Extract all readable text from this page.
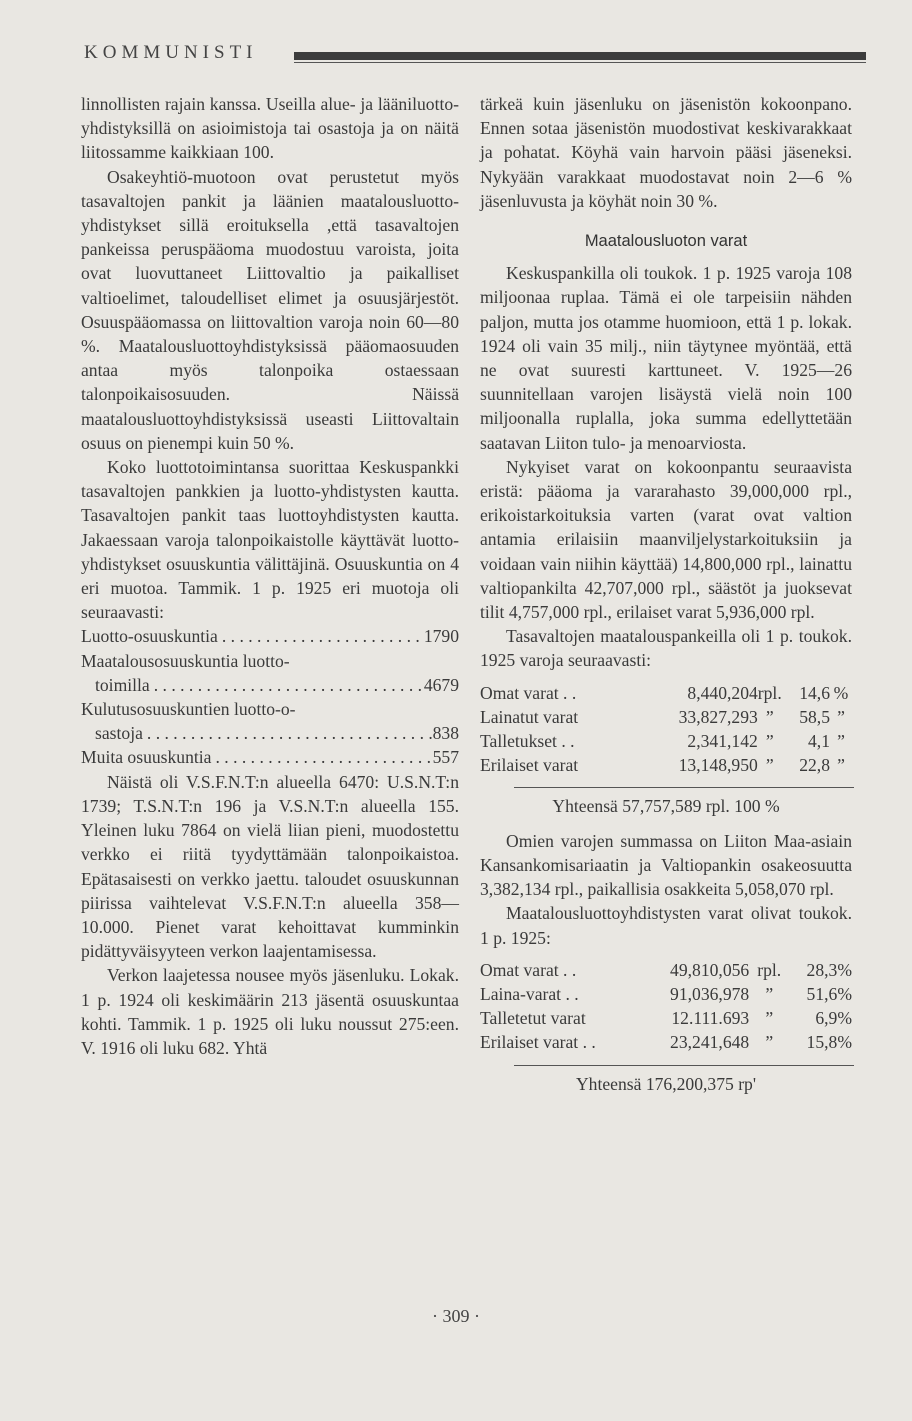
KOMMUNISTI

linnollisten rajain kanssa. Useilla alue- ja lääniluotto-yhdistyksillä on asioimistoja tai osastoja ja on näitä liitossamme kaikkiaan 100.

Osakeyhtiö-muotoon ovat perustetut myös tasavaltojen pankit ja läänien maatalousluotto-yhdistykset sillä eroituksella ,että tasavaltojen pankeissa peruspääoma muodostuu varoista, joita ovat luovuttaneet Liittovaltio ja paikalliset valtioelimet, taloudelliset elimet ja osuusjärjestöt. Osuuspääomassa on liittovaltion varoja noin 60—80 %. Maatalousluottoyhdistyksissä pääomaosuuden antaa myös talonpoika ostaessaan talonpoikaisosuuden. Näissä maatalousluottoyhdistyksissä useasti Liittovaltain osuus on pienempi kuin 50 %.

Koko luottotoimintansa suorittaa Keskuspankki tasavaltojen pankkien ja luotto-yhdistysten kautta. Tasavaltojen pankit taas luottoyhdistysten kautta. Jakaessaan varoja talonpoikaistolle käyttävät luotto-yhdistykset osuuskuntia välittäjinä. Osuuskuntia on 4 eri muotoa. Tammik. 1 p. 1925 eri muotoja oli seuraavasti:

Luotto-osuuskuntia . . .	1790
Maatalousosuuskuntia luotto-
toimilla . . .	4679
Kulutusosuuskuntien luotto-o-
sastoja . . .	838
Muita osuuskuntia . . .	557

Näistä oli V.S.F.N.T:n alueella 6470: U.S.N.T:n 1739; T.S.N.T:n 196 ja V.S.N.T:n alueella 155. Yleinen luku 7864 on vielä liian pieni, muodostettu verkko ei riitä tyydyttämään talonpoikaistoa. Epätasaisesti on verkko jaettu. taloudet osuuskunnan piirissa vaihtelevat V.S.F.N.T:n alueella 358—10.000. Pienet varat kehoittavat kumminkin pidättyväisyyteen verkon laajentamisessa.

Verkon laajetessa nousee myös jäsenluku. Lokak. 1 p. 1924 oli keskimäärin 213 jäsentä osuuskuntaa kohti. Tammik. 1 p. 1925 oli luku noussut 275:een. V. 1916 oli luku 682. Yhtä

tärkeä kuin jäsenluku on jäsenistön kokoonpano. Ennen sotaa jäsenistön muodostivat keskivarakkaat ja pohatat. Köyhä vain harvoin pääsi jäseneksi. Nykyään varakkaat muodostavat noin 2—6 % jäsenluvusta ja köyhät noin 30 %.

Maatalousluoton varat

Keskuspankilla oli toukok. 1 p. 1925 varoja 108 miljoonaa ruplaa. Tämä ei ole tarpeisiin nähden paljon, mutta jos otamme huomioon, että 1 p. lokak. 1924 oli vain 35 milj., niin täytynee myöntää, että ne ovat suuresti karttuneet. V. 1925—26 suunnitellaan varojen lisäystä vielä noin 100 miljoonalla ruplalla, joka summa edellyttetään saatavan Liiton tulo- ja menoarviosta.

Nykyiset varat on kokoonpantu seuraavista eristä: pääoma ja vararahasto 39,000,000 rpl., erikoistarkoituksia varten (varat ovat valtion antamia erilaisiin maanviljelystarkoituksiin ja voidaan vain niihin käyttää) 14,800,000 rpl., lainattu valtiopankilta 42,707,000 rpl., säästöt ja juoksevat tilit 4,757,000 rpl., erilaiset varat 5,936,000 rpl.

Tasavaltojen maatalouspankeilla oli 1 p. toukok. 1925 varoja seuraavasti:

Omat varat . .	8,440,204	rpl.	14,6	%
Lainatut varat	33,827,293	”	58,5	”
Talletukset . .	2,341,142	”	4,1	”
Erilaiset varat	13,148,950	”	22,8	”
Yhteensä 57,757,589 rpl. 100 %

Omien varojen summassa on Liiton Maa-asiain Kansankomisariaatin ja Valtiopankin osakeosuutta 3,382,134 rpl., paikallisia osakkeita 5,058,070 rpl.

Maatalousluottoyhdistysten varat olivat toukok. 1 p. 1925:

Omat varat . .	49,810,056	rpl.	28,3%
Laina-varat . .	91,036,978	”	51,6%
Talletetut varat	12.111.693	”	6,9%
Erilaiset varat . .	23,241,648	”	15,8%
Yhteensä 176,200,375 rp'
· 309 ·
